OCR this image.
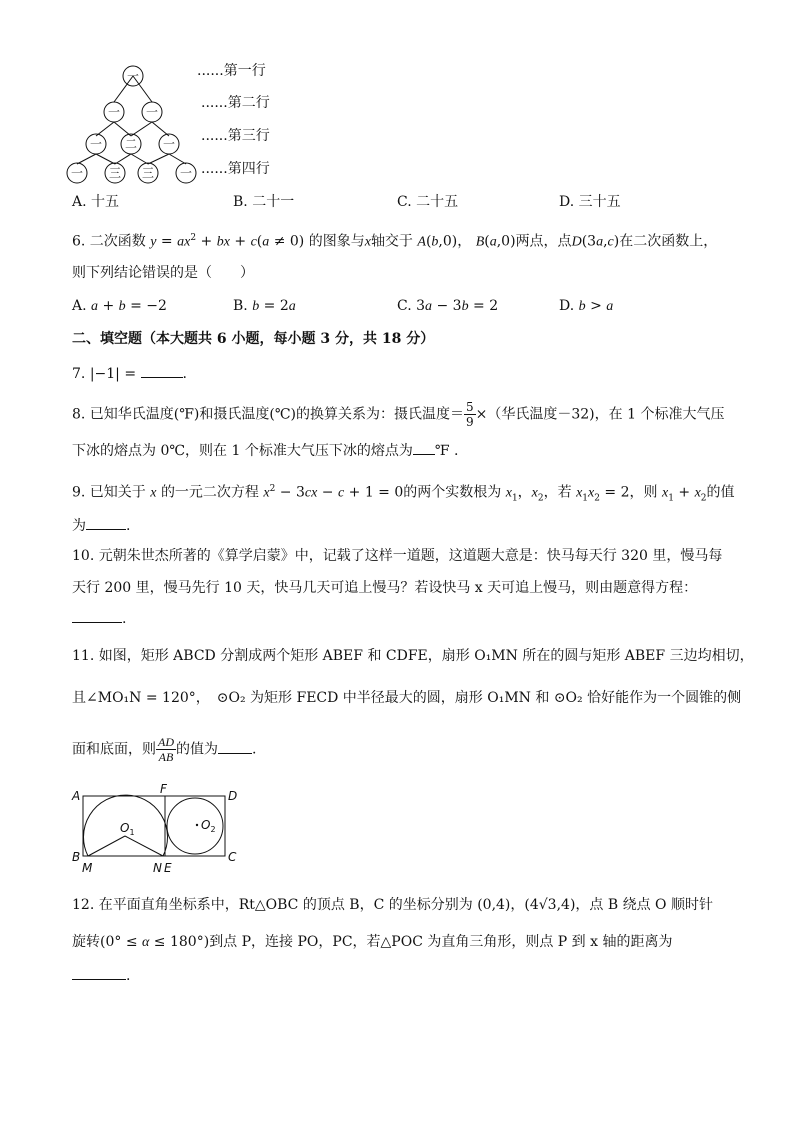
一
一 一
一 二 一
一 三 三 一
......第一行
......第二行
......第三行
......第四行
A. 十五	B. 二十一	C. 二十五	D. 三十五
6. 二次函数 $y = ax^2$ + bx + c(a ≠ 0) 的图象与x轴交于 A(b,0)， B(a,0)两点，点D(3a,c)在二次函数上，
则下列结论错误的是（　　）
A. a + b = −2	B. b = 2a	C. 3a − 3b = 2	D. b > a
二、填空题（本大题共 6 小题，每小题 3 分，共 18 分）
7. |−1| =	.
8. 已知华氏温度(℉)和摄氏温度(℃)的换算关系为：摄氏温度＝ $\frac{5}{9}$ ×（华氏温度－32)，在 1 个标准大气压
下冰的熔点为 0℃，则在 1 个标准大气压下冰的熔点为 ℉ .
9. 已知关于 x 的一元二次方程 $x^2 - 3cx - c + 1 = 0$的两个实数根为 $x_1$，$x_2$，若 $x_1x_2 = 2$，则 $x_1 + x_2$的值
为	.
10. 元朝朱世杰所著的《算学启蒙》中，记载了这样一道题，这道题大意是：快马每天行 320 里，慢马每
天行 200 里，慢马先行 10 天，快马几天可追上慢马？若设快马 x 天可追上慢马，则由题意得方程：
.
11. 如图，矩形 ABCD 分割成两个矩形 ABEF 和 CDFE，扇形 O₁MN 所在的圆与矩形 ABEF 三边均相切，
且∠MO₁N = 120°，　⊙O₂ 为矩形 FECD 中半径最大的圆，扇形 O₁MN 和 ⊙O₂ 恰好能作为一个圆锥的侧
面和底面，则 $\frac{AD}{AB}$ 的值为 .
A	F	D
B
M	N E
C
$O_1$
$O_2$
12. 在平面直角坐标系中，Rt△OBC 的顶点 B，C 的坐标分别为 (0,4)，(4√3,4)，点 B 绕点 O 顺时针
旋转(0° ≤ α ≤ 180°)到点 P，连接 PO，PC，若△POC 为直角三角形，则点 P 到 x 轴的距离为
.
